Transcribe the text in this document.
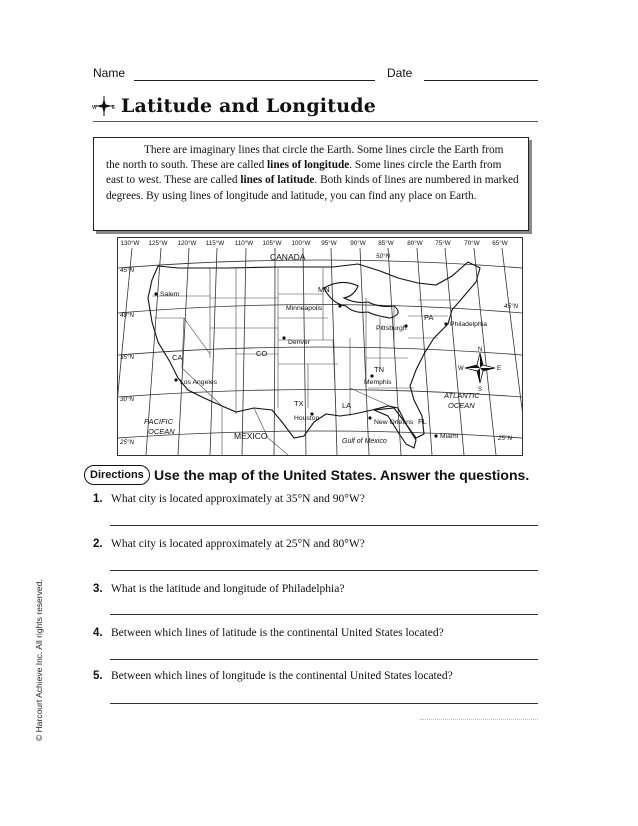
Name	Date
W	E Latitude and Longitude

There are imaginary lines that circle the Earth. Some lines circle the Earth from the north to south. These are called lines of longitude. Some lines circle the Earth from east to west. These are called lines of latitude. Both kinds of lines are numbered in marked degrees. By using lines of longitude and latitude, you can find any place on Earth.

130°W 125°W 120°W 115°W 110°W 105°W 100°W 95°W 90°W 85°W 80°W 75°W 70°W 65°W
50°N
45°N
40°N
35°N
30°N
25°N
45°N
25°N
CANADA
MEXICO
PACIFIC
OCEAN
ATLANTIC
OCEAN
Gulf of Mexico
CA	CO
MN
TN
TX	LA
FL
PA
Salem
Minneapolis
Denver
Los Angeles
Houston
Memphis
Pittsburgh
Philadelphia
New Orleans
Miami
N
S
E
W
Directions Use the map of the United States. Answer the questions.
1. What city is located approximately at 35°N and 90°W?
2. What city is located approximately at 25°N and 80°W?
3. What is the latitude and longitude of Philadelphia?
4. Between which lines of latitude is the continental United States located?
5. Between which lines of longitude is the continental United States located?
© Harcourt Achieve Inc. All rights reserved.
